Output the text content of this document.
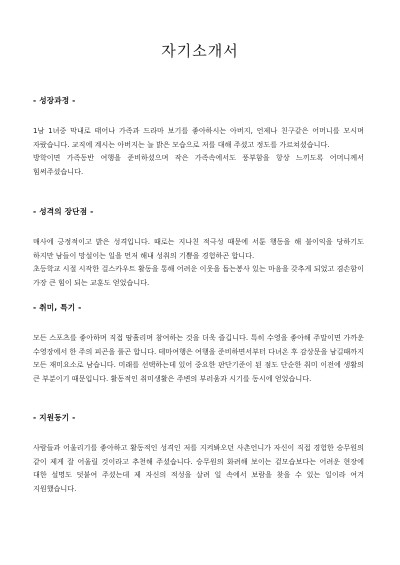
자기소개서
- 성장과정 -

1남 1녀중 막내로 태어나 가족과 드라마 보기를 좋아하시는 아버지, 언제나 친구같은 어머니를 모시며 자랐습니다. 교직에 계시는 아버지는 늘 밝은 모습으로 저를 대해 주셨고 정도를 가르쳐셨습니다.

방학이면 가족동반 여행을 준비하셨으며 작은 가족속에서도 풍부함을 항상 느끼도록 어머니께서 힘써주셨습니다.

- 성격의 장단점 -

매사에 긍정적이고 밝은 성격입니다. 때로는 지나친 적극성 때문에 서툰 행동을 해 불이익을 당하기도 하지만 남들이 망설이는 일을 먼저 해내 성취의 기쁨을 경험하곤 합니다.

초등학교 시절 시작한 걸스카우트 활동을 통해 어려운 이웃을 돕는봉사 있는 마음을 갖추게 되었고 겸손함이 가장 큰 힘이 되는 교훈도 얻었습니다.

- 취미, 특기 -

모든 스포츠를 좋아하며 직접 땀흘리며 참여하는 것을 더욱 즐깁니다. 특히 수영을 좋아해 주말이면 가까운 수영장에서 한 주의 피곤을 풀곤 합니다. 테마여행은 여행을 준비하면서부터 다녀온 후 감상문을 남길때까지 모든 재미요소로 남습니다. 미래를 선택하는데 있어 중요한 판단기준이 된 점도 단순한 취미 이전에 생활의 큰 부분이기 때문입니다. 활동적인 취미생활은 주변의 부러움과 시기를 동시에 얻었습니다.

- 지원동기 -

사람들과 어울리기를 좋아하고 활동적인 성격인 저를 지켜봐오던 사촌언니가 자신이 직접 경험한 승무원의 같이 제게 잘 어울릴 것이라고 추천해 주셨습니다. 승무원의 화려해 보이는 겉모습보다는 어려운 현장에 대한 설명도 덧붙여 주셨는데 제 자신의 적성을 살려 일 속에서 보람을 찾을 수 있는 일이라 여겨 지원했습니다.
